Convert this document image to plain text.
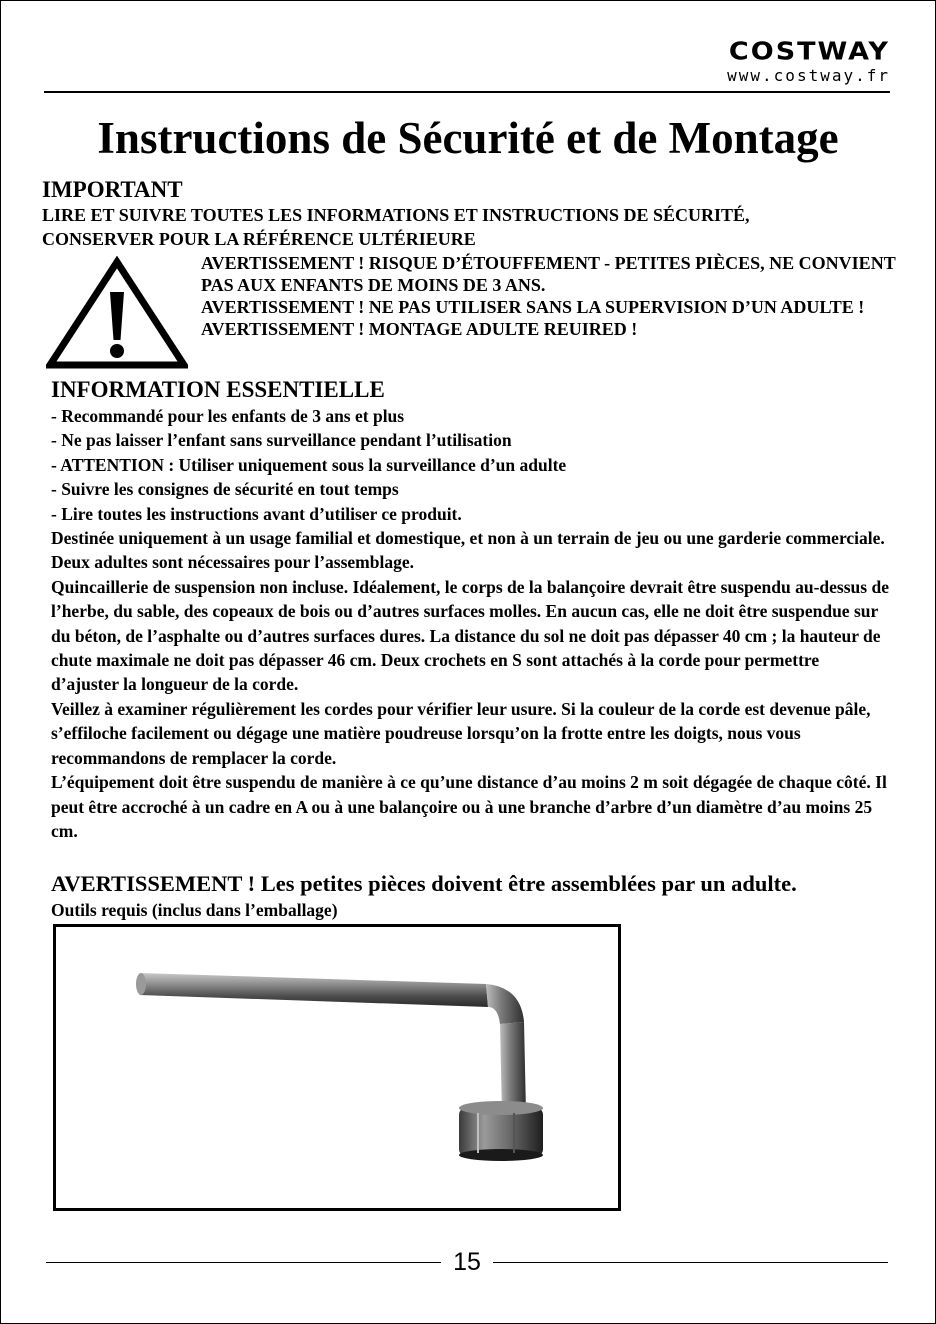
COSTWAY
www.costway.fr
Instructions de Sécurité et de Montage
IMPORTANT
LIRE ET SUIVRE TOUTES LES INFORMATIONS ET INSTRUCTIONS DE SÉCURITÉ,
CONSERVER POUR LA RÉFÉRENCE ULTÉRIEURE
AVERTISSEMENT ! RISQUE D’ÉTOUFFEMENT - PETITES PIÈCES, NE CONVIENT PAS AUX ENFANTS DE MOINS DE 3 ANS.
AVERTISSEMENT ! NE PAS UTILISER SANS LA SUPERVISION D’UN ADULTE !
AVERTISSEMENT ! MONTAGE ADULTE REUIRED !
INFORMATION ESSENTIELLE
- Recommandé pour les enfants de 3 ans et plus
- Ne pas laisser l’enfant sans surveillance pendant l’utilisation
- ATTENTION : Utiliser uniquement sous la surveillance d’un adulte
- Suivre les consignes de sécurité en tout temps
- Lire toutes les instructions avant d’utiliser ce produit.
Destinée uniquement à un usage familial et domestique, et non à un terrain de jeu ou une garderie commerciale. Deux adultes sont nécessaires pour l’assemblage.
Quincaillerie de suspension non incluse. Idéalement, le corps de la balançoire devrait être suspendu au-dessus de l’herbe, du sable, des copeaux de bois ou d’autres surfaces molles. En aucun cas, elle ne doit être suspendue sur du béton, de l’asphalte ou d’autres surfaces dures. La distance du sol ne doit pas dépasser 40 cm ; la hauteur de chute maximale ne doit pas dépasser 46 cm. Deux crochets en S sont attachés à la corde pour permettre d’ajuster la longueur de la corde.
Veillez à examiner régulièrement les cordes pour vérifier leur usure. Si la couleur de la corde est devenue pâle, s’effiloche facilement ou dégage une matière poudreuse lorsqu’on la frotte entre les doigts, nous vous recommandons de remplacer la corde.
L’équipement doit être suspendu de manière à ce qu’une distance d’au moins 2 m soit dégagée de chaque côté. Il peut être accroché à un cadre en A ou à une balançoire ou à une branche d’arbre d’un diamètre d’au moins 25 cm.
AVERTISSEMENT ! Les petites pièces doivent être assemblées par un adulte.
Outils requis (inclus dans l’emballage)
15
